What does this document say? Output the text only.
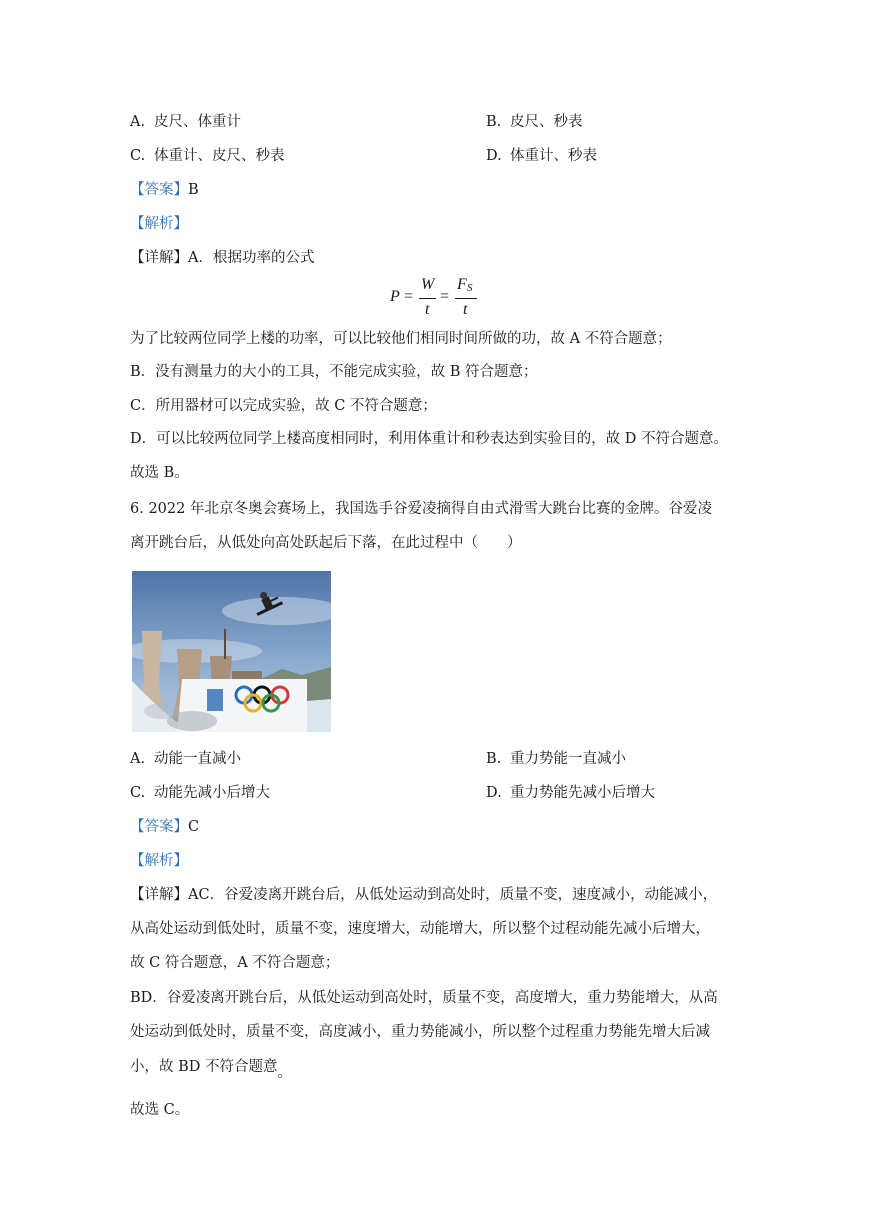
A. 皮尺、体重计	B. 皮尺、秒表
C. 体重计、皮尺、秒表	D. 体重计、秒表
【答案】B
【解析】
【详解】A．根据功率的公式
P =
W
t
=
F S
t
为了比较两位同学上楼的功率，可以比较他们相同时间所做的功，故 A 不符合题意；
B．没有测量力的大小的工具，不能完成实验，故 B 符合题意；
C．所用器材可以完成实验，故 C 不符合题意；
D．可以比较两位同学上楼高度相同时，利用体重计和秒表达到实验目的，故 D 不符合题意。
故选 B。
6. 2022 年北京冬奥会赛场上，我国选手谷爱凌摘得自由式滑雪大跳台比赛的金牌。谷爱凌
离开跳台后，从低处向高处跃起后下落，在此过程中（　　）
A. 动能一直减小	B. 重力势能一直减小
C. 动能先减小后增大	D. 重力势能先减小后增大
【答案】C
【解析】
【详解】AC．谷爱凌离开跳台后，从低处运动到高处时，质量不变，速度减小，动能减小，
从高处运动到低处时，质量不变，速度增大，动能增大，所以整个过程动能先减小后增大，
故 C 符合题意，A 不符合题意；
BD．谷爱凌离开跳台后，从低处运动到高处时，质量不变，高度增大，重力势能增大，从高
处运动到低处时，质量不变，高度减小，重力势能减小，所以整个过程重力势能先增大后减
小，故 BD 不符合题意。
故选 C。
